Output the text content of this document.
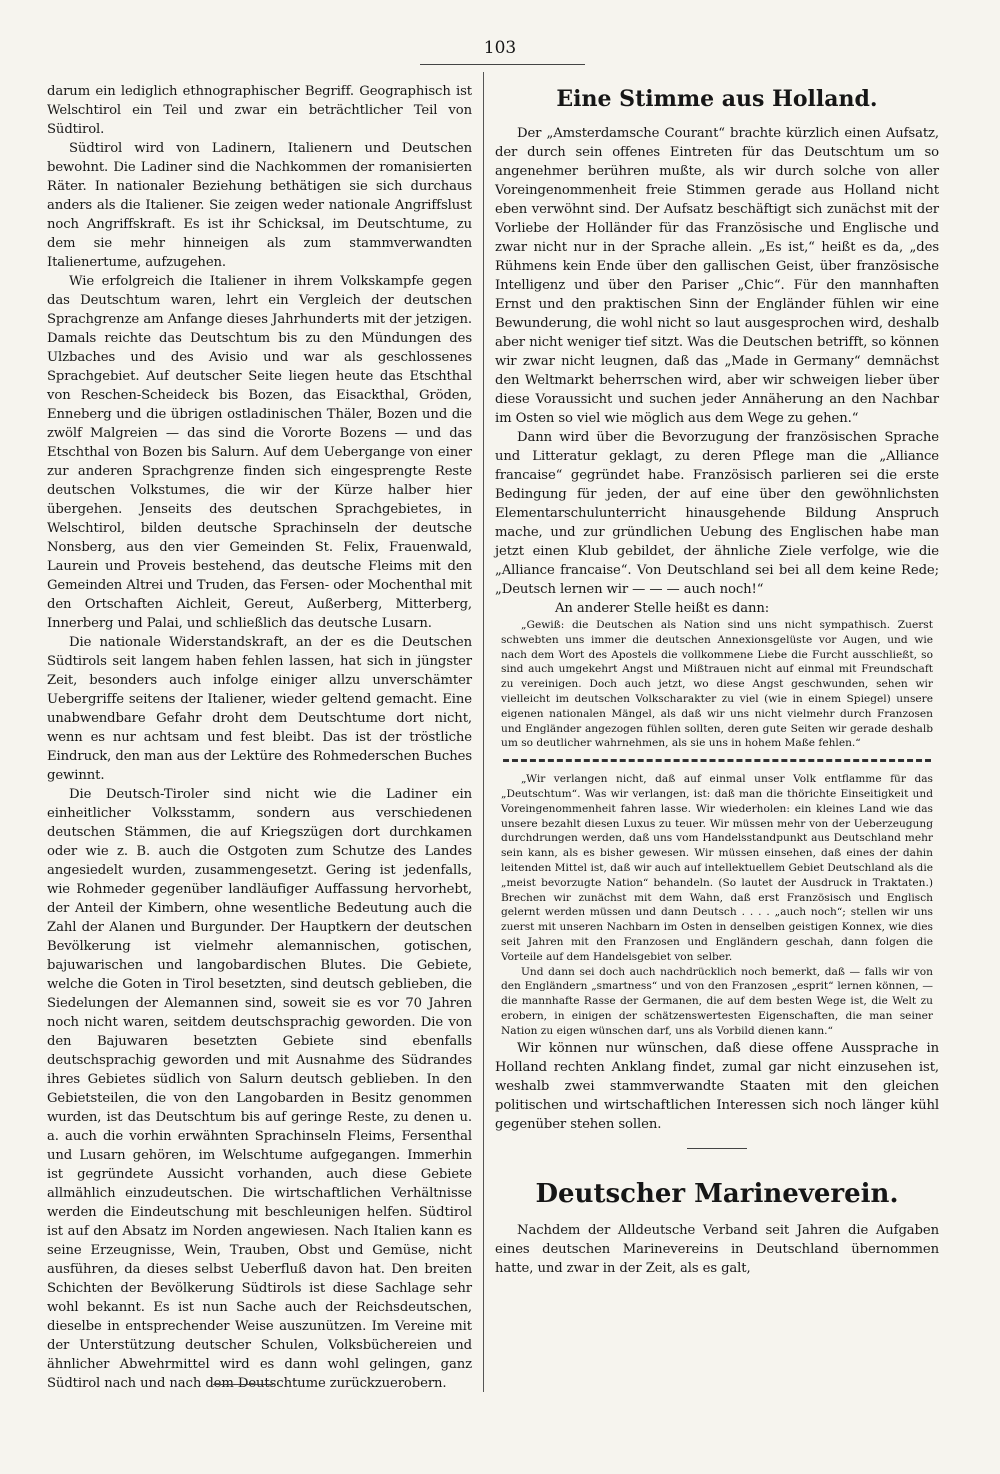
103

darum ein lediglich ethnographischer Begriff. Geographisch ist Welschtirol ein Teil und zwar ein beträchtlicher Teil von Südtirol.

Südtirol wird von Ladinern, Italienern und Deutschen bewohnt. Die Ladiner sind die Nachkommen der romanisierten Räter. In nationaler Beziehung bethätigen sie sich durchaus anders als die Italiener. Sie zeigen weder nationale Angriffslust noch Angriffskraft. Es ist ihr Schicksal, im Deutschtume, zu dem sie mehr hinneigen als zum stammverwandten Italienertume, aufzugehen.

Wie erfolgreich die Italiener in ihrem Volkskampfe gegen das Deutschtum waren, lehrt ein Vergleich der deutschen Sprachgrenze am Anfange dieses Jahrhunderts mit der jetzigen. Damals reichte das Deutschtum bis zu den Mündungen des Ulzbaches und des Avisio und war als geschlossenes Sprachgebiet. Auf deutscher Seite liegen heute das Etschthal von Reschen-Scheideck bis Bozen, das Eisackthal, Gröden, Enneberg und die übrigen ostladinischen Thäler, Bozen und die zwölf Malgreien — das sind die Vororte Bozens — und das Etschthal von Bozen bis Salurn. Auf dem Uebergange von einer zur anderen Sprachgrenze finden sich eingesprengte Reste deutschen Volkstumes, die wir der Kürze halber hier übergehen. Jenseits des deutschen Sprachgebietes, in Welschtirol, bilden deutsche Sprachinseln der deutsche Nonsberg, aus den vier Gemeinden St. Felix, Frauenwald, Laurein und Proveis bestehend, das deutsche Fleims mit den Gemeinden Altrei und Truden, das Fersen- oder Mochenthal mit den Ortschaften Aichleit, Gereut, Außerberg, Mitterberg, Innerberg und Palai, und schließlich das deutsche Lusarn.

Die nationale Widerstandskraft, an der es die Deutschen Südtirols seit langem haben fehlen lassen, hat sich in jüngster Zeit, besonders auch infolge einiger allzu unverschämter Uebergriffe seitens der Italiener, wieder geltend gemacht. Eine unabwendbare Gefahr droht dem Deutschtume dort nicht, wenn es nur achtsam und fest bleibt. Das ist der tröstliche Eindruck, den man aus der Lektüre des Rohmederschen Buches gewinnt.

Die Deutsch-Tiroler sind nicht wie die Ladiner ein einheitlicher Volksstamm, sondern aus verschiedenen deutschen Stämmen, die auf Kriegszügen dort durchkamen oder wie z. B. auch die Ostgoten zum Schutze des Landes angesiedelt wurden, zusammengesetzt. Gering ist jedenfalls, wie Rohmeder gegenüber landläufiger Auffassung hervorhebt, der Anteil der Kimbern, ohne wesentliche Bedeutung auch die Zahl der Alanen und Burgunder. Der Hauptkern der deutschen Bevölkerung ist vielmehr alemannischen, gotischen, bajuwarischen und langobardischen Blutes. Die Gebiete, welche die Goten in Tirol besetzten, sind deutsch geblieben, die Siedelungen der Alemannen sind, soweit sie es vor 70 Jahren noch nicht waren, seitdem deutschsprachig geworden. Die von den Bajuwaren besetzten Gebiete sind ebenfalls deutschsprachig geworden und mit Ausnahme des Südrandes ihres Gebietes südlich von Salurn deutsch geblieben. In den Gebietsteilen, die von den Langobarden in Besitz genommen wurden, ist das Deutschtum bis auf geringe Reste, zu denen u. a. auch die vorhin erwähnten Sprachinseln Fleims, Fersenthal und Lusarn gehören, im Welschtume aufgegangen. Immerhin ist gegründete Aussicht vorhanden, auch diese Gebiete allmählich einzudeutschen. Die wirtschaftlichen Verhältnisse werden die Eindeutschung mit beschleunigen helfen. Südtirol ist auf den Absatz im Norden angewiesen. Nach Italien kann es seine Erzeugnisse, Wein, Trauben, Obst und Gemüse, nicht ausführen, da dieses selbst Ueberfluß davon hat. Den breiten Schichten der Bevölkerung Südtirols ist diese Sachlage sehr wohl bekannt. Es ist nun Sache auch der Reichsdeutschen, dieselbe in entsprechender Weise auszunützen. Im Vereine mit der Unterstützung deutscher Schulen, Volksbüchereien und ähnlicher Abwehrmittel wird es dann wohl gelingen, ganz Südtirol nach und nach dem Deutschtume zurückzuerobern.

Eine Stimme aus Holland.

Der „Amsterdamsche Courant“ brachte kürzlich einen Aufsatz, der durch sein offenes Eintreten für das Deutschtum um so angenehmer berühren mußte, als wir durch solche von aller Voreingenommenheit freie Stimmen gerade aus Holland nicht eben verwöhnt sind. Der Aufsatz beschäftigt sich zunächst mit der Vorliebe der Holländer für das Französische und Englische und zwar nicht nur in der Sprache allein. „Es ist,“ heißt es da, „des Rühmens kein Ende über den gallischen Geist, über französische Intelligenz und über den Pariser „Chic“. Für den mannhaften Ernst und den praktischen Sinn der Engländer fühlen wir eine Bewunderung, die wohl nicht so laut ausgesprochen wird, deshalb aber nicht weniger tief sitzt. Was die Deutschen betrifft, so können wir zwar nicht leugnen, daß das „Made in Germany“ demnächst den Weltmarkt beherrschen wird, aber wir schweigen lieber über diese Voraussicht und suchen jeder Annäherung an den Nachbar im Osten so viel wie möglich aus dem Wege zu gehen.“

Dann wird über die Bevorzugung der französischen Sprache und Litteratur geklagt, zu deren Pflege man die „Alliance francaise“ gegründet habe. Französisch parlieren sei die erste Bedingung für jeden, der auf eine über den gewöhnlichsten Elementarschulunterricht hinausgehende Bildung Anspruch mache, und zur gründlichen Uebung des Englischen habe man jetzt einen Klub gebildet, der ähnliche Ziele verfolge, wie die „Alliance francaise“. Von Deutschland sei bei all dem keine Rede; „Deutsch lernen wir — — — auch noch!“

An anderer Stelle heißt es dann:

„Gewiß: die Deutschen als Nation sind uns nicht sympathisch. Zuerst schwebten uns immer die deutschen Annexionsgelüste vor Augen, und wie nach dem Wort des Apostels die vollkommene Liebe die Furcht ausschließt, so sind auch umgekehrt Angst und Mißtrauen nicht auf einmal mit Freundschaft zu vereinigen. Doch auch jetzt, wo diese Angst geschwunden, sehen wir vielleicht im deutschen Volkscharakter zu viel (wie in einem Spiegel) unsere eigenen nationalen Mängel, als daß wir uns nicht vielmehr durch Franzosen und Engländer angezogen fühlen sollten, deren gute Seiten wir gerade deshalb um so deutlicher wahrnehmen, als sie uns in hohem Maße fehlen.“

„Wir verlangen nicht, daß auf einmal unser Volk entflamme für das „Deutschtum“. Was wir verlangen, ist: daß man die thörichte Einseitigkeit und Voreingenommenheit fahren lasse. Wir wiederholen: ein kleines Land wie das unsere bezahlt diesen Luxus zu teuer. Wir müssen mehr von der Ueberzeugung durchdrungen werden, daß uns vom Handelsstandpunkt aus Deutschland mehr sein kann, als es bisher gewesen. Wir müssen einsehen, daß eines der dahin leitenden Mittel ist, daß wir auch auf intellektuellem Gebiet Deutschland als die „meist bevorzugte Nation“ behandeln. (So lautet der Ausdruck in Traktaten.) Brechen wir zunächst mit dem Wahn, daß erst Französisch und Englisch gelernt werden müssen und dann Deutsch . . . . „auch noch“; stellen wir uns zuerst mit unseren Nachbarn im Osten in denselben geistigen Konnex, wie dies seit Jahren mit den Franzosen und Engländern geschah, dann folgen die Vorteile auf dem Handelsgebiet von selber.

Und dann sei doch auch nachdrücklich noch bemerkt, daß — falls wir von den Engländern „smartness“ und von den Franzosen „esprit“ lernen können, — die mannhafte Rasse der Germanen, die auf dem besten Wege ist, die Welt zu erobern, in einigen der schätzenswertesten Eigenschaften, die man seiner Nation zu eigen wünschen darf, uns als Vorbild dienen kann.“

Wir können nur wünschen, daß diese offene Aussprache in Holland rechten Anklang findet, zumal gar nicht einzusehen ist, weshalb zwei stammverwandte Staaten mit den gleichen politischen und wirtschaftlichen Interessen sich noch länger kühl gegenüber stehen sollen.

Deutscher Marineverein.

Nachdem der Alldeutsche Verband seit Jahren die Aufgaben eines deutschen Marinevereins in Deutschland übernommen hatte, und zwar in der Zeit, als es galt,
